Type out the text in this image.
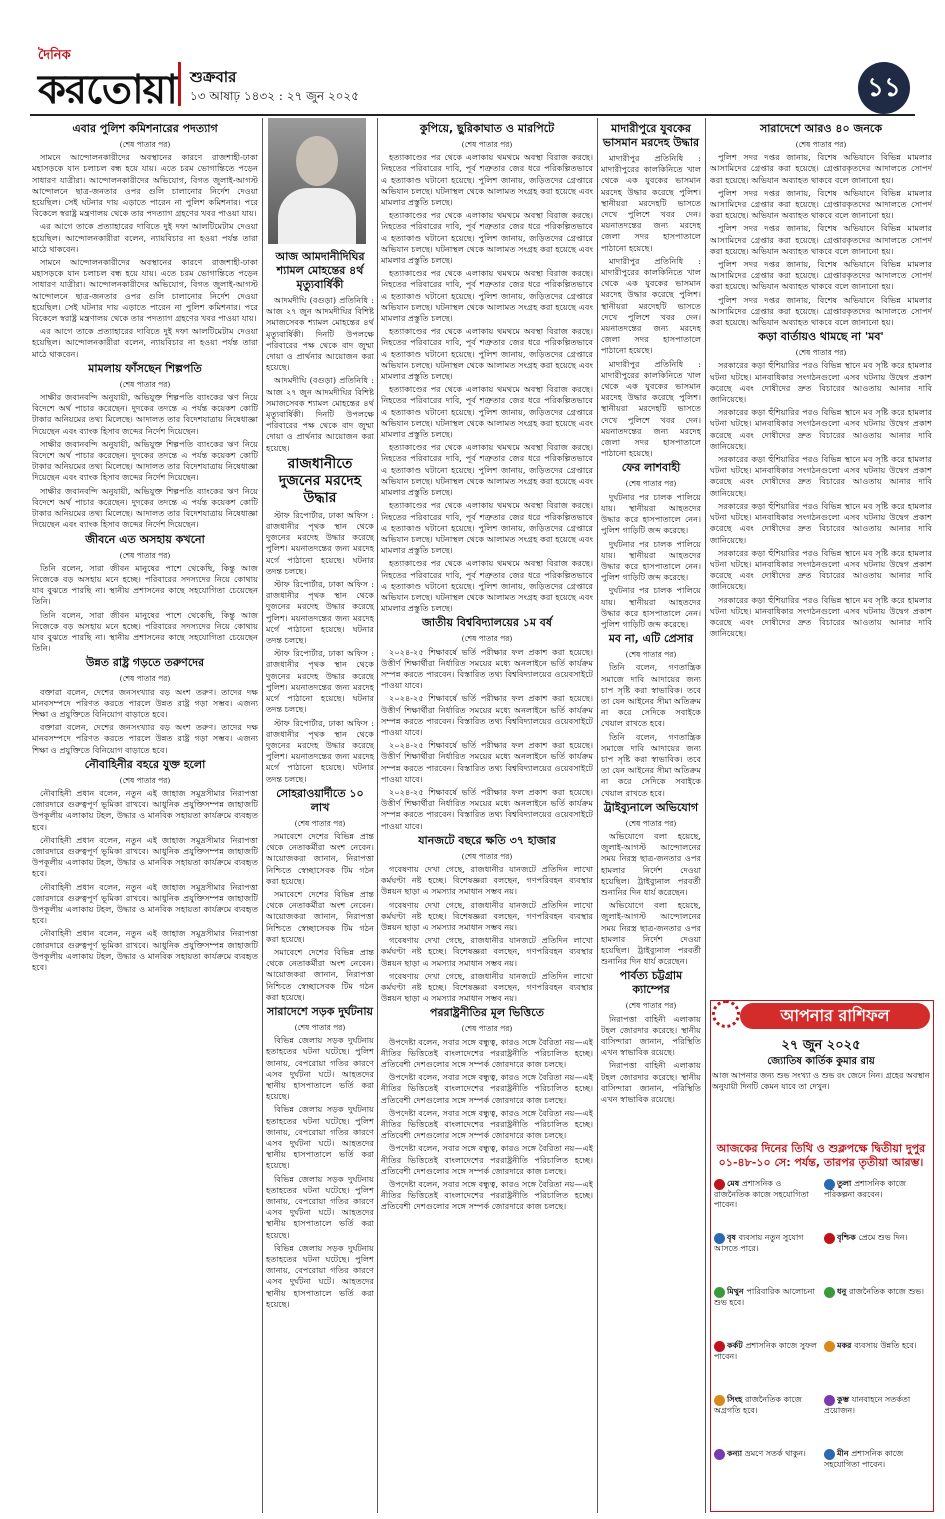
দৈনিক
করতোয়া শুক্রবার
১৩ আষাঢ় ১৪৩২ : ২৭ জুন ২০২৫	১১
এবার পুলিশ কমিশনারের পদত্যাগ

(শেষ পাতার পর)

সামনে আন্দোলনকারীদের অবস্থানের কারণে রাজশাহী-ঢাকা মহাসড়কে যান চলাচল বন্ধ হয়ে যায়। এতে চরম ভোগান্তিতে পড়েন সাধারণ যাত্রীরা। আন্দোলনকারীদের অভিযোগ, বিগত জুলাই-আগস্ট আন্দোলনে ছাত্র-জনতার ওপর গুলি চালানোর নির্দেশ দেওয়া হয়েছিল। সেই ঘটনার দায় এড়াতে পারেন না পুলিশ কমিশনার। পরে বিকেলে স্বরাষ্ট্র মন্ত্রণালয় থেকে তার পদত্যাগ গ্রহণের খবর পাওয়া যায়।

এর আগে তাকে প্রত্যাহারের দাবিতে দুই দফা আলটিমেটাম দেওয়া হয়েছিল। আন্দোলনকারীরা বলেন, ন্যায়বিচার না হওয়া পর্যন্ত তারা মাঠে থাকবেন।

সামনে আন্দোলনকারীদের অবস্থানের কারণে রাজশাহী-ঢাকা মহাসড়কে যান চলাচল বন্ধ হয়ে যায়। এতে চরম ভোগান্তিতে পড়েন সাধারণ যাত্রীরা। আন্দোলনকারীদের অভিযোগ, বিগত জুলাই-আগস্ট আন্দোলনে ছাত্র-জনতার ওপর গুলি চালানোর নির্দেশ দেওয়া হয়েছিল। সেই ঘটনার দায় এড়াতে পারেন না পুলিশ কমিশনার। পরে বিকেলে স্বরাষ্ট্র মন্ত্রণালয় থেকে তার পদত্যাগ গ্রহণের খবর পাওয়া যায়।

এর আগে তাকে প্রত্যাহারের দাবিতে দুই দফা আলটিমেটাম দেওয়া হয়েছিল। আন্দোলনকারীরা বলেন, ন্যায়বিচার না হওয়া পর্যন্ত তারা মাঠে থাকবেন।

মামলায় ফাঁসছেন শিল্পপতি

(শেষ পাতার পর)

সাক্ষীর জবানবন্দি অনুযায়ী, অভিযুক্ত শিল্পপতি ব্যাংকের ঋণ নিয়ে বিদেশে অর্থ পাচার করেছেন। দুদকের তদন্তে এ পর্যন্ত কয়েকশ কোটি টাকার অনিয়মের তথ্য মিলেছে। আদালত তার বিদেশযাত্রায় নিষেধাজ্ঞা দিয়েছেন এবং ব্যাংক হিসাব জব্দের নির্দেশ দিয়েছেন।

সাক্ষীর জবানবন্দি অনুযায়ী, অভিযুক্ত শিল্পপতি ব্যাংকের ঋণ নিয়ে বিদেশে অর্থ পাচার করেছেন। দুদকের তদন্তে এ পর্যন্ত কয়েকশ কোটি টাকার অনিয়মের তথ্য মিলেছে। আদালত তার বিদেশযাত্রায় নিষেধাজ্ঞা দিয়েছেন এবং ব্যাংক হিসাব জব্দের নির্দেশ দিয়েছেন।

সাক্ষীর জবানবন্দি অনুযায়ী, অভিযুক্ত শিল্পপতি ব্যাংকের ঋণ নিয়ে বিদেশে অর্থ পাচার করেছেন। দুদকের তদন্তে এ পর্যন্ত কয়েকশ কোটি টাকার অনিয়মের তথ্য মিলেছে। আদালত তার বিদেশযাত্রায় নিষেধাজ্ঞা দিয়েছেন এবং ব্যাংক হিসাব জব্দের নির্দেশ দিয়েছেন।

জীবনে এত অসহায় কখনো

(শেষ পাতার পর)

তিনি বলেন, সারা জীবন মানুষের পাশে থেকেছি, কিন্তু আজ নিজেকে বড় অসহায় মনে হচ্ছে। পরিবারের সদস্যদের নিয়ে কোথায় যাব বুঝতে পারছি না। স্থানীয় প্রশাসনের কাছে সহযোগিতা চেয়েছেন তিনি।

তিনি বলেন, সারা জীবন মানুষের পাশে থেকেছি, কিন্তু আজ নিজেকে বড় অসহায় মনে হচ্ছে। পরিবারের সদস্যদের নিয়ে কোথায় যাব বুঝতে পারছি না। স্থানীয় প্রশাসনের কাছে সহযোগিতা চেয়েছেন তিনি।

উন্নত রাষ্ট্র গড়তে তরুণদের

(শেষ পাতার পর)

বক্তারা বলেন, দেশের জনসংখ্যার বড় অংশ তরুণ। তাদের দক্ষ মানবসম্পদে পরিণত করতে পারলে উন্নত রাষ্ট্র গড়া সম্ভব। এজন্য শিক্ষা ও প্রযুক্তিতে বিনিয়োগ বাড়াতে হবে।

বক্তারা বলেন, দেশের জনসংখ্যার বড় অংশ তরুণ। তাদের দক্ষ মানবসম্পদে পরিণত করতে পারলে উন্নত রাষ্ট্র গড়া সম্ভব। এজন্য শিক্ষা ও প্রযুক্তিতে বিনিয়োগ বাড়াতে হবে।

নৌবাহিনীর বহরে যুক্ত হলো

(শেষ পাতার পর)

নৌবাহিনী প্রধান বলেন, নতুন এই জাহাজ সমুদ্রসীমার নিরাপত্তা জোরদারে গুরুত্বপূর্ণ ভূমিকা রাখবে। আধুনিক প্রযুক্তিসম্পন্ন জাহাজটি উপকূলীয় এলাকায় টহল, উদ্ধার ও মানবিক সহায়তা কার্যক্রমে ব্যবহৃত হবে।

নৌবাহিনী প্রধান বলেন, নতুন এই জাহাজ সমুদ্রসীমার নিরাপত্তা জোরদারে গুরুত্বপূর্ণ ভূমিকা রাখবে। আধুনিক প্রযুক্তিসম্পন্ন জাহাজটি উপকূলীয় এলাকায় টহল, উদ্ধার ও মানবিক সহায়তা কার্যক্রমে ব্যবহৃত হবে।

নৌবাহিনী প্রধান বলেন, নতুন এই জাহাজ সমুদ্রসীমার নিরাপত্তা জোরদারে গুরুত্বপূর্ণ ভূমিকা রাখবে। আধুনিক প্রযুক্তিসম্পন্ন জাহাজটি উপকূলীয় এলাকায় টহল, উদ্ধার ও মানবিক সহায়তা কার্যক্রমে ব্যবহৃত হবে।

নৌবাহিনী প্রধান বলেন, নতুন এই জাহাজ সমুদ্রসীমার নিরাপত্তা জোরদারে গুরুত্বপূর্ণ ভূমিকা রাখবে। আধুনিক প্রযুক্তিসম্পন্ন জাহাজটি উপকূলীয় এলাকায় টহল, উদ্ধার ও মানবিক সহায়তা কার্যক্রমে ব্যবহৃত হবে।

আজ আমদানীদিঘির শ্যামল মোহন্তের ৪র্থ মৃত্যুবার্ষিকী

আদমদীঘি (বগুড়া) প্রতিনিধি : আজ ২৭ জুন আদমদীঘির বিশিষ্ট সমাজসেবক শ্যামল মোহন্তের ৪র্থ মৃত্যুবার্ষিকী। দিনটি উপলক্ষে পরিবারের পক্ষ থেকে বাদ জুম্মা দোয়া ও প্রার্থনার আয়োজন করা হয়েছে।

আদমদীঘি (বগুড়া) প্রতিনিধি : আজ ২৭ জুন আদমদীঘির বিশিষ্ট সমাজসেবক শ্যামল মোহন্তের ৪র্থ মৃত্যুবার্ষিকী। দিনটি উপলক্ষে পরিবারের পক্ষ থেকে বাদ জুম্মা দোয়া ও প্রার্থনার আয়োজন করা হয়েছে।

রাজধানীতে দুজনের মরদেহ উদ্ধার

স্টাফ রিপোর্টার, ঢাকা অফিস : রাজধানীর পৃথক স্থান থেকে দুজনের মরদেহ উদ্ধার করেছে পুলিশ। ময়নাতদন্তের জন্য মরদেহ মর্গে পাঠানো হয়েছে। ঘটনার তদন্ত চলছে।

স্টাফ রিপোর্টার, ঢাকা অফিস : রাজধানীর পৃথক স্থান থেকে দুজনের মরদেহ উদ্ধার করেছে পুলিশ। ময়নাতদন্তের জন্য মরদেহ মর্গে পাঠানো হয়েছে। ঘটনার তদন্ত চলছে।

স্টাফ রিপোর্টার, ঢাকা অফিস : রাজধানীর পৃথক স্থান থেকে দুজনের মরদেহ উদ্ধার করেছে পুলিশ। ময়নাতদন্তের জন্য মরদেহ মর্গে পাঠানো হয়েছে। ঘটনার তদন্ত চলছে।

স্টাফ রিপোর্টার, ঢাকা অফিস : রাজধানীর পৃথক স্থান থেকে দুজনের মরদেহ উদ্ধার করেছে পুলিশ। ময়নাতদন্তের জন্য মরদেহ মর্গে পাঠানো হয়েছে। ঘটনার তদন্ত চলছে।

সোহরাওয়ার্দীতে ১০ লাখ

(শেষ পাতার পর)

সমাবেশে দেশের বিভিন্ন প্রান্ত থেকে নেতাকর্মীরা অংশ নেবেন। আয়োজকরা জানান, নিরাপত্তা নিশ্চিতে স্বেচ্ছাসেবক টিম গঠন করা হয়েছে।

সমাবেশে দেশের বিভিন্ন প্রান্ত থেকে নেতাকর্মীরা অংশ নেবেন। আয়োজকরা জানান, নিরাপত্তা নিশ্চিতে স্বেচ্ছাসেবক টিম গঠন করা হয়েছে।

সমাবেশে দেশের বিভিন্ন প্রান্ত থেকে নেতাকর্মীরা অংশ নেবেন। আয়োজকরা জানান, নিরাপত্তা নিশ্চিতে স্বেচ্ছাসেবক টিম গঠন করা হয়েছে।

সারাদেশে সড়ক দুর্ঘটনায়

(শেষ পাতার পর)

বিভিন্ন জেলায় সড়ক দুর্ঘটনায় হতাহতের ঘটনা ঘটেছে। পুলিশ জানায়, বেপরোয়া গতির কারণে এসব দুর্ঘটনা ঘটে। আহতদের স্থানীয় হাসপাতালে ভর্তি করা হয়েছে।

বিভিন্ন জেলায় সড়ক দুর্ঘটনায় হতাহতের ঘটনা ঘটেছে। পুলিশ জানায়, বেপরোয়া গতির কারণে এসব দুর্ঘটনা ঘটে। আহতদের স্থানীয় হাসপাতালে ভর্তি করা হয়েছে।

বিভিন্ন জেলায় সড়ক দুর্ঘটনায় হতাহতের ঘটনা ঘটেছে। পুলিশ জানায়, বেপরোয়া গতির কারণে এসব দুর্ঘটনা ঘটে। আহতদের স্থানীয় হাসপাতালে ভর্তি করা হয়েছে।

বিভিন্ন জেলায় সড়ক দুর্ঘটনায় হতাহতের ঘটনা ঘটেছে। পুলিশ জানায়, বেপরোয়া গতির কারণে এসব দুর্ঘটনা ঘটে। আহতদের স্থানীয় হাসপাতালে ভর্তি করা হয়েছে।

কুপিয়ে, ছুরিকাঘাত ও মারপিটে

(শেষ পাতার পর)

হত্যাকাণ্ডের পর থেকে এলাকায় থমথমে অবস্থা বিরাজ করছে। নিহতের পরিবারের দাবি, পূর্ব শত্রুতার জের ধরে পরিকল্পিতভাবে এ হত্যাকাণ্ড ঘটানো হয়েছে। পুলিশ জানায়, জড়িতদের গ্রেপ্তারে অভিযান চলছে। ঘটনাস্থল থেকে আলামত সংগ্রহ করা হয়েছে এবং মামলার প্রস্তুতি চলছে।

হত্যাকাণ্ডের পর থেকে এলাকায় থমথমে অবস্থা বিরাজ করছে। নিহতের পরিবারের দাবি, পূর্ব শত্রুতার জের ধরে পরিকল্পিতভাবে এ হত্যাকাণ্ড ঘটানো হয়েছে। পুলিশ জানায়, জড়িতদের গ্রেপ্তারে অভিযান চলছে। ঘটনাস্থল থেকে আলামত সংগ্রহ করা হয়েছে এবং মামলার প্রস্তুতি চলছে।

হত্যাকাণ্ডের পর থেকে এলাকায় থমথমে অবস্থা বিরাজ করছে। নিহতের পরিবারের দাবি, পূর্ব শত্রুতার জের ধরে পরিকল্পিতভাবে এ হত্যাকাণ্ড ঘটানো হয়েছে। পুলিশ জানায়, জড়িতদের গ্রেপ্তারে অভিযান চলছে। ঘটনাস্থল থেকে আলামত সংগ্রহ করা হয়েছে এবং মামলার প্রস্তুতি চলছে।

হত্যাকাণ্ডের পর থেকে এলাকায় থমথমে অবস্থা বিরাজ করছে। নিহতের পরিবারের দাবি, পূর্ব শত্রুতার জের ধরে পরিকল্পিতভাবে এ হত্যাকাণ্ড ঘটানো হয়েছে। পুলিশ জানায়, জড়িতদের গ্রেপ্তারে অভিযান চলছে। ঘটনাস্থল থেকে আলামত সংগ্রহ করা হয়েছে এবং মামলার প্রস্তুতি চলছে।

হত্যাকাণ্ডের পর থেকে এলাকায় থমথমে অবস্থা বিরাজ করছে। নিহতের পরিবারের দাবি, পূর্ব শত্রুতার জের ধরে পরিকল্পিতভাবে এ হত্যাকাণ্ড ঘটানো হয়েছে। পুলিশ জানায়, জড়িতদের গ্রেপ্তারে অভিযান চলছে। ঘটনাস্থল থেকে আলামত সংগ্রহ করা হয়েছে এবং মামলার প্রস্তুতি চলছে।

হত্যাকাণ্ডের পর থেকে এলাকায় থমথমে অবস্থা বিরাজ করছে। নিহতের পরিবারের দাবি, পূর্ব শত্রুতার জের ধরে পরিকল্পিতভাবে এ হত্যাকাণ্ড ঘটানো হয়েছে। পুলিশ জানায়, জড়িতদের গ্রেপ্তারে অভিযান চলছে। ঘটনাস্থল থেকে আলামত সংগ্রহ করা হয়েছে এবং মামলার প্রস্তুতি চলছে।

হত্যাকাণ্ডের পর থেকে এলাকায় থমথমে অবস্থা বিরাজ করছে। নিহতের পরিবারের দাবি, পূর্ব শত্রুতার জের ধরে পরিকল্পিতভাবে এ হত্যাকাণ্ড ঘটানো হয়েছে। পুলিশ জানায়, জড়িতদের গ্রেপ্তারে অভিযান চলছে। ঘটনাস্থল থেকে আলামত সংগ্রহ করা হয়েছে এবং মামলার প্রস্তুতি চলছে।

হত্যাকাণ্ডের পর থেকে এলাকায় থমথমে অবস্থা বিরাজ করছে। নিহতের পরিবারের দাবি, পূর্ব শত্রুতার জের ধরে পরিকল্পিতভাবে এ হত্যাকাণ্ড ঘটানো হয়েছে। পুলিশ জানায়, জড়িতদের গ্রেপ্তারে অভিযান চলছে। ঘটনাস্থল থেকে আলামত সংগ্রহ করা হয়েছে এবং মামলার প্রস্তুতি চলছে।

জাতীয় বিশ্ববিদ্যালয়ের ১ম বর্ষ

(শেষ পাতার পর)

২০২৪-২৫ শিক্ষাবর্ষে ভর্তি পরীক্ষার ফল প্রকাশ করা হয়েছে। উত্তীর্ণ শিক্ষার্থীরা নির্ধারিত সময়ের মধ্যে অনলাইনে ভর্তি কার্যক্রম সম্পন্ন করতে পারবেন। বিস্তারিত তথ্য বিশ্ববিদ্যালয়ের ওয়েবসাইটে পাওয়া যাবে।

২০২৪-২৫ শিক্ষাবর্ষে ভর্তি পরীক্ষার ফল প্রকাশ করা হয়েছে। উত্তীর্ণ শিক্ষার্থীরা নির্ধারিত সময়ের মধ্যে অনলাইনে ভর্তি কার্যক্রম সম্পন্ন করতে পারবেন। বিস্তারিত তথ্য বিশ্ববিদ্যালয়ের ওয়েবসাইটে পাওয়া যাবে।

২০২৪-২৫ শিক্ষাবর্ষে ভর্তি পরীক্ষার ফল প্রকাশ করা হয়েছে। উত্তীর্ণ শিক্ষার্থীরা নির্ধারিত সময়ের মধ্যে অনলাইনে ভর্তি কার্যক্রম সম্পন্ন করতে পারবেন। বিস্তারিত তথ্য বিশ্ববিদ্যালয়ের ওয়েবসাইটে পাওয়া যাবে।

২০২৪-২৫ শিক্ষাবর্ষে ভর্তি পরীক্ষার ফল প্রকাশ করা হয়েছে। উত্তীর্ণ শিক্ষার্থীরা নির্ধারিত সময়ের মধ্যে অনলাইনে ভর্তি কার্যক্রম সম্পন্ন করতে পারবেন। বিস্তারিত তথ্য বিশ্ববিদ্যালয়ের ওয়েবসাইটে পাওয়া যাবে।

যানজটে বছরে ক্ষতি ৩৭ হাজার

(শেষ পাতার পর)

গবেষণায় দেখা গেছে, রাজধানীর যানজটে প্রতিদিন লাখো কর্মঘণ্টা নষ্ট হচ্ছে। বিশেষজ্ঞরা বলছেন, গণপরিবহন ব্যবস্থার উন্নয়ন ছাড়া এ সমস্যার সমাধান সম্ভব নয়।

গবেষণায় দেখা গেছে, রাজধানীর যানজটে প্রতিদিন লাখো কর্মঘণ্টা নষ্ট হচ্ছে। বিশেষজ্ঞরা বলছেন, গণপরিবহন ব্যবস্থার উন্নয়ন ছাড়া এ সমস্যার সমাধান সম্ভব নয়।

গবেষণায় দেখা গেছে, রাজধানীর যানজটে প্রতিদিন লাখো কর্মঘণ্টা নষ্ট হচ্ছে। বিশেষজ্ঞরা বলছেন, গণপরিবহন ব্যবস্থার উন্নয়ন ছাড়া এ সমস্যার সমাধান সম্ভব নয়।

গবেষণায় দেখা গেছে, রাজধানীর যানজটে প্রতিদিন লাখো কর্মঘণ্টা নষ্ট হচ্ছে। বিশেষজ্ঞরা বলছেন, গণপরিবহন ব্যবস্থার উন্নয়ন ছাড়া এ সমস্যার সমাধান সম্ভব নয়।

পররাষ্ট্রনীতির মূল ভিত্তিতে

(শেষ পাতার পর)

উপদেষ্টা বলেন, সবার সঙ্গে বন্ধুত্ব, কারও সঙ্গে বৈরিতা নয়—এই নীতির ভিত্তিতেই বাংলাদেশের পররাষ্ট্রনীতি পরিচালিত হচ্ছে। প্রতিবেশী দেশগুলোর সঙ্গে সম্পর্ক জোরদারে কাজ চলছে।

উপদেষ্টা বলেন, সবার সঙ্গে বন্ধুত্ব, কারও সঙ্গে বৈরিতা নয়—এই নীতির ভিত্তিতেই বাংলাদেশের পররাষ্ট্রনীতি পরিচালিত হচ্ছে। প্রতিবেশী দেশগুলোর সঙ্গে সম্পর্ক জোরদারে কাজ চলছে।

উপদেষ্টা বলেন, সবার সঙ্গে বন্ধুত্ব, কারও সঙ্গে বৈরিতা নয়—এই নীতির ভিত্তিতেই বাংলাদেশের পররাষ্ট্রনীতি পরিচালিত হচ্ছে। প্রতিবেশী দেশগুলোর সঙ্গে সম্পর্ক জোরদারে কাজ চলছে।

উপদেষ্টা বলেন, সবার সঙ্গে বন্ধুত্ব, কারও সঙ্গে বৈরিতা নয়—এই নীতির ভিত্তিতেই বাংলাদেশের পররাষ্ট্রনীতি পরিচালিত হচ্ছে। প্রতিবেশী দেশগুলোর সঙ্গে সম্পর্ক জোরদারে কাজ চলছে।

উপদেষ্টা বলেন, সবার সঙ্গে বন্ধুত্ব, কারও সঙ্গে বৈরিতা নয়—এই নীতির ভিত্তিতেই বাংলাদেশের পররাষ্ট্রনীতি পরিচালিত হচ্ছে। প্রতিবেশী দেশগুলোর সঙ্গে সম্পর্ক জোরদারে কাজ চলছে।

মাদারীপুরে যুবকের ভাসমান মরদেহ উদ্ধার

মাদারীপুর প্রতিনিধি : মাদারীপুরের কালকিনিতে খাল থেকে এক যুবকের ভাসমান মরদেহ উদ্ধার করেছে পুলিশ। স্থানীয়রা মরদেহটি ভাসতে দেখে পুলিশে খবর দেন। ময়নাতদন্তের জন্য মরদেহ জেলা সদর হাসপাতালে পাঠানো হয়েছে।

মাদারীপুর প্রতিনিধি : মাদারীপুরের কালকিনিতে খাল থেকে এক যুবকের ভাসমান মরদেহ উদ্ধার করেছে পুলিশ। স্থানীয়রা মরদেহটি ভাসতে দেখে পুলিশে খবর দেন। ময়নাতদন্তের জন্য মরদেহ জেলা সদর হাসপাতালে পাঠানো হয়েছে।

মাদারীপুর প্রতিনিধি : মাদারীপুরের কালকিনিতে খাল থেকে এক যুবকের ভাসমান মরদেহ উদ্ধার করেছে পুলিশ। স্থানীয়রা মরদেহটি ভাসতে দেখে পুলিশে খবর দেন। ময়নাতদন্তের জন্য মরদেহ জেলা সদর হাসপাতালে পাঠানো হয়েছে।

ফের লাশবাহী

(শেষ পাতার পর)

দুর্ঘটনার পর চালক পালিয়ে যায়। স্থানীয়রা আহতদের উদ্ধার করে হাসপাতালে নেন। পুলিশ গাড়িটি জব্দ করেছে।

দুর্ঘটনার পর চালক পালিয়ে যায়। স্থানীয়রা আহতদের উদ্ধার করে হাসপাতালে নেন। পুলিশ গাড়িটি জব্দ করেছে।

দুর্ঘটনার পর চালক পালিয়ে যায়। স্থানীয়রা আহতদের উদ্ধার করে হাসপাতালে নেন। পুলিশ গাড়িটি জব্দ করেছে।

মব না, এটি প্রেসার

(শেষ পাতার পর)

তিনি বলেন, গণতান্ত্রিক সমাজে দাবি আদায়ের জন্য চাপ সৃষ্টি করা স্বাভাবিক। তবে তা যেন আইনের সীমা অতিক্রম না করে সেদিকে সবাইকে খেয়াল রাখতে হবে।

তিনি বলেন, গণতান্ত্রিক সমাজে দাবি আদায়ের জন্য চাপ সৃষ্টি করা স্বাভাবিক। তবে তা যেন আইনের সীমা অতিক্রম না করে সেদিকে সবাইকে খেয়াল রাখতে হবে।

ট্রাইব্যুনালে অভিযোগ

(শেষ পাতার পর)

অভিযোগে বলা হয়েছে, জুলাই-আগস্ট আন্দোলনের সময় নিরস্ত্র ছাত্র-জনতার ওপর হামলার নির্দেশ দেওয়া হয়েছিল। ট্রাইব্যুনাল পরবর্তী শুনানির দিন ধার্য করেছেন।

অভিযোগে বলা হয়েছে, জুলাই-আগস্ট আন্দোলনের সময় নিরস্ত্র ছাত্র-জনতার ওপর হামলার নির্দেশ দেওয়া হয়েছিল। ট্রাইব্যুনাল পরবর্তী শুনানির দিন ধার্য করেছেন।

পার্বত্য চট্টগ্রাম ক্যাম্পের

(শেষ পাতার পর)

নিরাপত্তা বাহিনী এলাকায় টহল জোরদার করেছে। স্থানীয় বাসিন্দারা জানান, পরিস্থিতি এখন স্বাভাবিক রয়েছে।

নিরাপত্তা বাহিনী এলাকায় টহল জোরদার করেছে। স্থানীয় বাসিন্দারা জানান, পরিস্থিতি এখন স্বাভাবিক রয়েছে।

সারাদেশে আরও ৪০ জনকে

(শেষ পাতার পর)

পুলিশ সদর দপ্তর জানায়, বিশেষ অভিযানে বিভিন্ন মামলার আসামিদের গ্রেপ্তার করা হয়েছে। গ্রেপ্তারকৃতদের আদালতে সোপর্দ করা হয়েছে। অভিযান অব্যাহত থাকবে বলে জানানো হয়।

পুলিশ সদর দপ্তর জানায়, বিশেষ অভিযানে বিভিন্ন মামলার আসামিদের গ্রেপ্তার করা হয়েছে। গ্রেপ্তারকৃতদের আদালতে সোপর্দ করা হয়েছে। অভিযান অব্যাহত থাকবে বলে জানানো হয়।

পুলিশ সদর দপ্তর জানায়, বিশেষ অভিযানে বিভিন্ন মামলার আসামিদের গ্রেপ্তার করা হয়েছে। গ্রেপ্তারকৃতদের আদালতে সোপর্দ করা হয়েছে। অভিযান অব্যাহত থাকবে বলে জানানো হয়।

পুলিশ সদর দপ্তর জানায়, বিশেষ অভিযানে বিভিন্ন মামলার আসামিদের গ্রেপ্তার করা হয়েছে। গ্রেপ্তারকৃতদের আদালতে সোপর্দ করা হয়েছে। অভিযান অব্যাহত থাকবে বলে জানানো হয়।

পুলিশ সদর দপ্তর জানায়, বিশেষ অভিযানে বিভিন্ন মামলার আসামিদের গ্রেপ্তার করা হয়েছে। গ্রেপ্তারকৃতদের আদালতে সোপর্দ করা হয়েছে। অভিযান অব্যাহত থাকবে বলে জানানো হয়।

কড়া বার্তায়ও থামছে না 'মব'

(শেষ পাতার পর)

সরকারের কড়া হুঁশিয়ারির পরও বিভিন্ন স্থানে মব সৃষ্টি করে হামলার ঘটনা ঘটছে। মানবাধিকার সংগঠনগুলো এসব ঘটনায় উদ্বেগ প্রকাশ করেছে এবং দোষীদের দ্রুত বিচারের আওতায় আনার দাবি জানিয়েছে।

সরকারের কড়া হুঁশিয়ারির পরও বিভিন্ন স্থানে মব সৃষ্টি করে হামলার ঘটনা ঘটছে। মানবাধিকার সংগঠনগুলো এসব ঘটনায় উদ্বেগ প্রকাশ করেছে এবং দোষীদের দ্রুত বিচারের আওতায় আনার দাবি জানিয়েছে।

সরকারের কড়া হুঁশিয়ারির পরও বিভিন্ন স্থানে মব সৃষ্টি করে হামলার ঘটনা ঘটছে। মানবাধিকার সংগঠনগুলো এসব ঘটনায় উদ্বেগ প্রকাশ করেছে এবং দোষীদের দ্রুত বিচারের আওতায় আনার দাবি জানিয়েছে।

সরকারের কড়া হুঁশিয়ারির পরও বিভিন্ন স্থানে মব সৃষ্টি করে হামলার ঘটনা ঘটছে। মানবাধিকার সংগঠনগুলো এসব ঘটনায় উদ্বেগ প্রকাশ করেছে এবং দোষীদের দ্রুত বিচারের আওতায় আনার দাবি জানিয়েছে।

সরকারের কড়া হুঁশিয়ারির পরও বিভিন্ন স্থানে মব সৃষ্টি করে হামলার ঘটনা ঘটছে। মানবাধিকার সংগঠনগুলো এসব ঘটনায় উদ্বেগ প্রকাশ করেছে এবং দোষীদের দ্রুত বিচারের আওতায় আনার দাবি জানিয়েছে।

সরকারের কড়া হুঁশিয়ারির পরও বিভিন্ন স্থানে মব সৃষ্টি করে হামলার ঘটনা ঘটছে। মানবাধিকার সংগঠনগুলো এসব ঘটনায় উদ্বেগ প্রকাশ করেছে এবং দোষীদের দ্রুত বিচারের আওতায় আনার দাবি জানিয়েছে।

আপনার রাশিফল
২৭ জুন ২০২৫
জ্যোতিষ কার্তিক কুমার রায়
আজ আপনার জন্য শুভ সংখ্যা ও শুভ রং জেনে নিন। গ্রহের অবস্থান অনুযায়ী দিনটি কেমন যাবে তা দেখুন।
আজকের দিনের তিথি ও শুক্লপক্ষে দ্বিতীয়া দুপুর ০১-৪৮-১০ সে: পর্যন্ত, তারপর তৃতীয়া আরম্ভ।
মেষ প্রশাসনিক ও রাজনৈতিক কাজে সহযোগিতা পাবেন।
বৃষ ব্যবসায় নতুন সুযোগ আসতে পারে।
মিথুন পারিবারিক আলোচনা শুভ হবে।
কর্কট প্রশাসনিক কাজে সুফল পাবেন।
সিংহ রাজনৈতিক কাজে অগ্রগতি হবে।
কন্যা ভ্রমণে সতর্ক থাকুন।
তুলা প্রশাসনিক কাজে পরিকল্পনা করবেন।
বৃশ্চিক প্রেমে শুভ দিন।
ধনু রাজনৈতিক কাজে শুভ।
মকর ব্যবসায় উন্নতি হবে।
কুম্ভ যানবাহনে সতর্কতা প্রয়োজন।
মীন প্রশাসনিক কাজে সহযোগিতা পাবেন।
